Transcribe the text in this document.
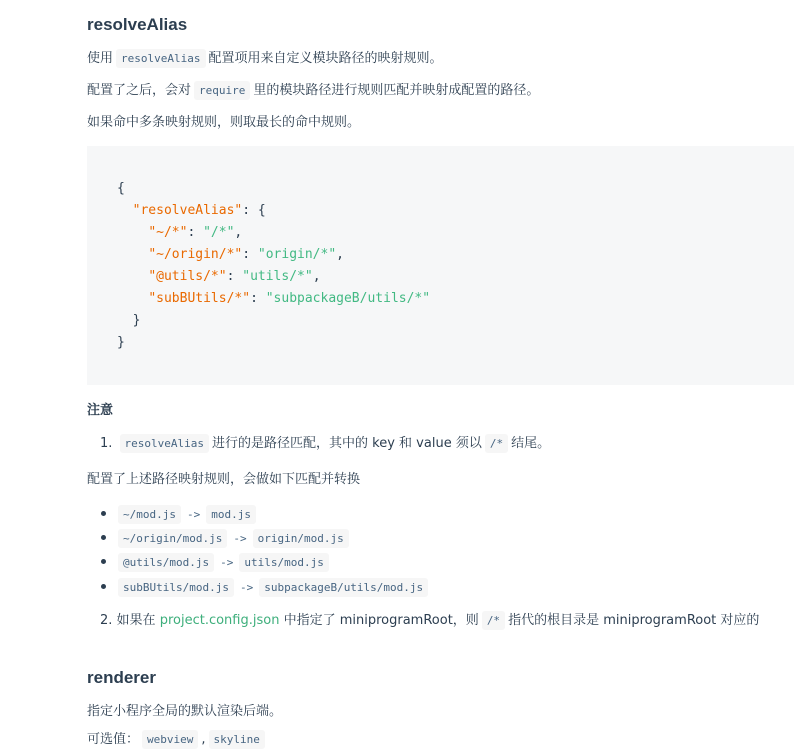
resolveAlias

使用 resolveAlias 配置项用来自定义模块路径的映射规则。

配置了之后，会对 require 里的模块路径进行规则匹配并映射成配置的路径。

如果命中多条映射规则，则取最长的命中规则。

{
"resolveAlias": {
"~/*": "/*",
"~/origin/*": "origin/*",
"@utils/*": "utils/*",
"subBUtils/*": "subpackageB/utils/*"
}
}

注意

1. resolveAlias 进行的是路径匹配，其中的 key 和 value 须以 /* 结尾。

配置了上述路径映射规则，会做如下匹配并转换

~/mod.js -> mod.js

~/origin/mod.js -> origin/mod.js

@utils/mod.js -> utils/mod.js

subBUtils/mod.js -> subpackageB/utils/mod.js

2. 如果在 project.config.json 中指定了 miniprogramRoot，则 /* 指代的根目录是 miniprogramRoot 对应的

renderer

指定小程序全局的默认渲染后端。

可选值： webview , skyline
